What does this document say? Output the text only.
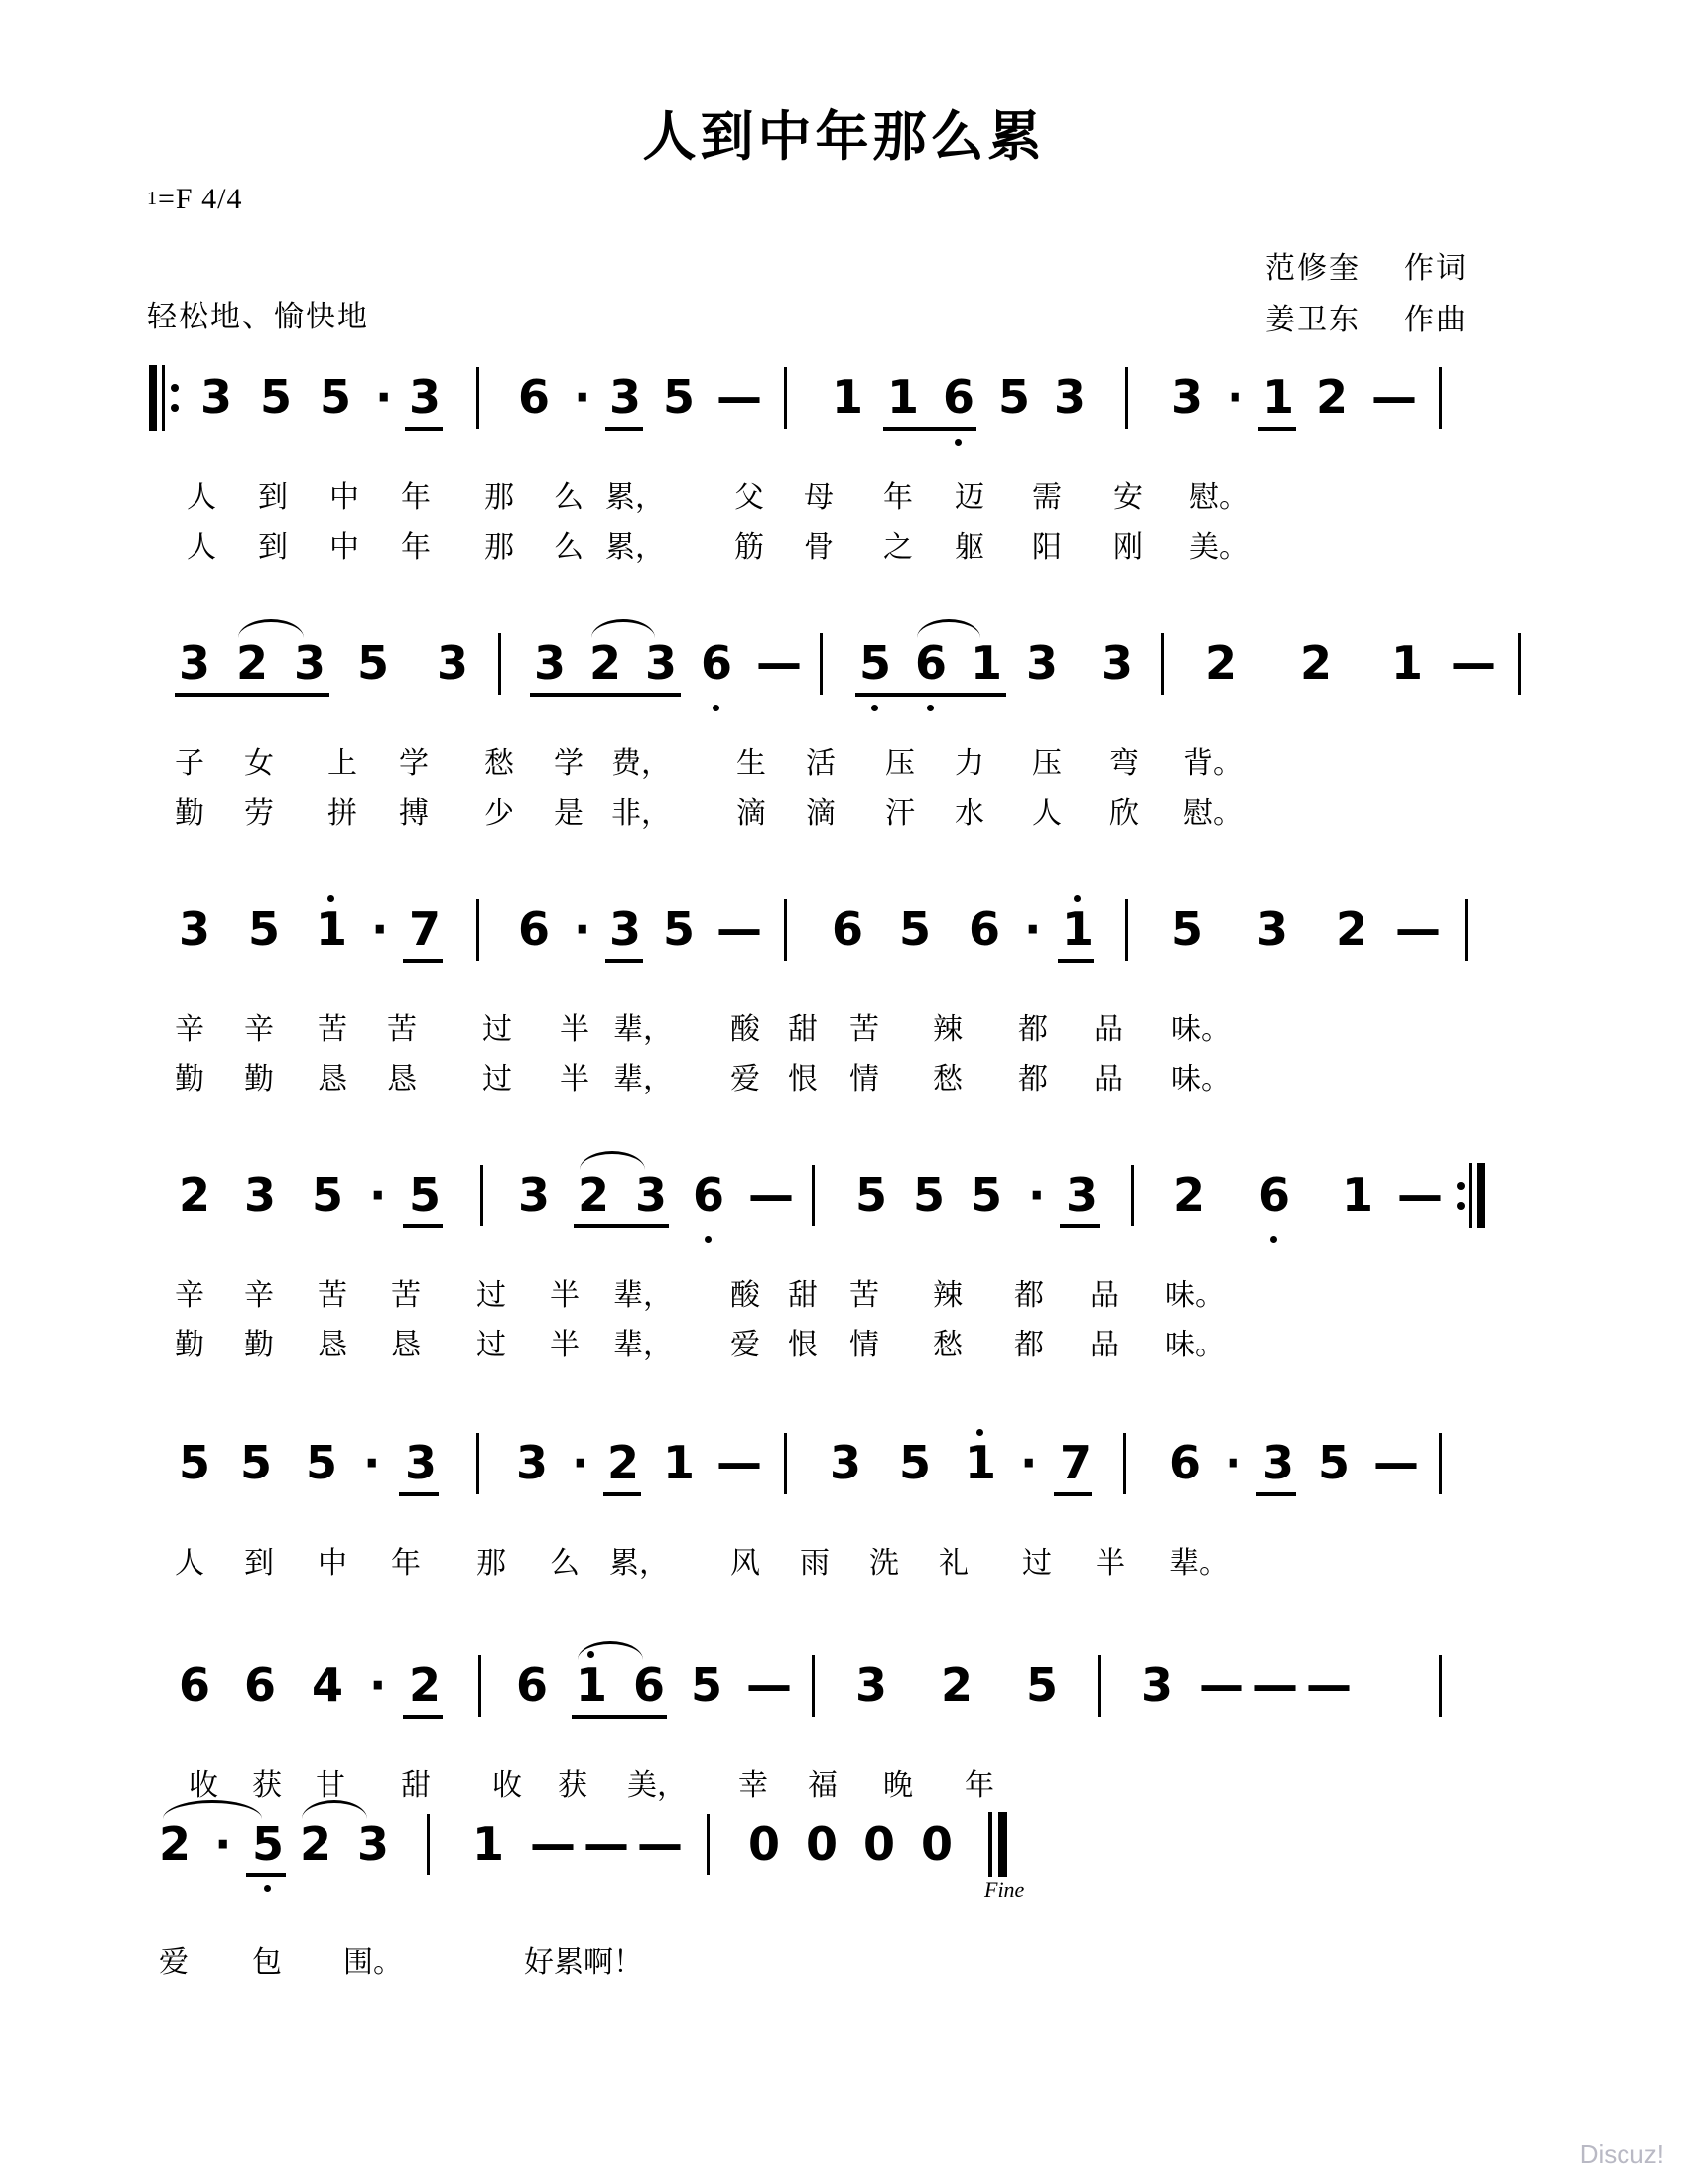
人到中年那么累
1=F 4/4
轻松地、愉快地
范修奎 作词
姜卫东 作曲
3 5 5 · 3 6 · 3 5 — 1 1 6 5 3 3 · 1 2 —
人 到 中 年 那 么 累， 父 母 年 迈 需 安 慰。
人 到 中 年 那 么 累， 筋 骨 之 躯 阳 刚 美。
3 2 3 5 3 3 2 3 6 — 5 6 1 3 3 2 2 1 —
子 女 上 学 愁 学 费， 生 活 压 力 压 弯 背。
勤 劳 拼 搏 少 是 非， 滴 滴 汗 水 人 欣 慰。
3 5 1 · 7 6 · 3 5 — 6 5 6 · 1 5 3 2 —
辛 辛 苦 苦 过 半 辈， 酸 甜 苦 辣 都 品 味。
勤 勤 恳 恳 过 半 辈， 爱 恨 情 愁 都 品 味。
2 3 5 · 5 3 2 3 6 — 5 5 5 · 3 2 6 1 —
辛 辛 苦 苦 过 半 辈， 酸 甜 苦 辣 都 品 味。
勤 勤 恳 恳 过 半 辈， 爱 恨 情 愁 都 品 味。
5 5 5 · 3 3 · 2 1 — 3 5 1 · 7 6 · 3 5 —
人 到 中 年 那 么 累， 风 雨 洗 礼 过 半 辈。
6 6 4 · 2 6 1 6 5 — 3 2 5 3 — — —
收 获 甘 甜 收 获 美， 幸 福 晚 年
2 · 5 2 3 1 — — — 0 0 0 0
Fine
爱 包 围。	好累啊！
Discuz!
